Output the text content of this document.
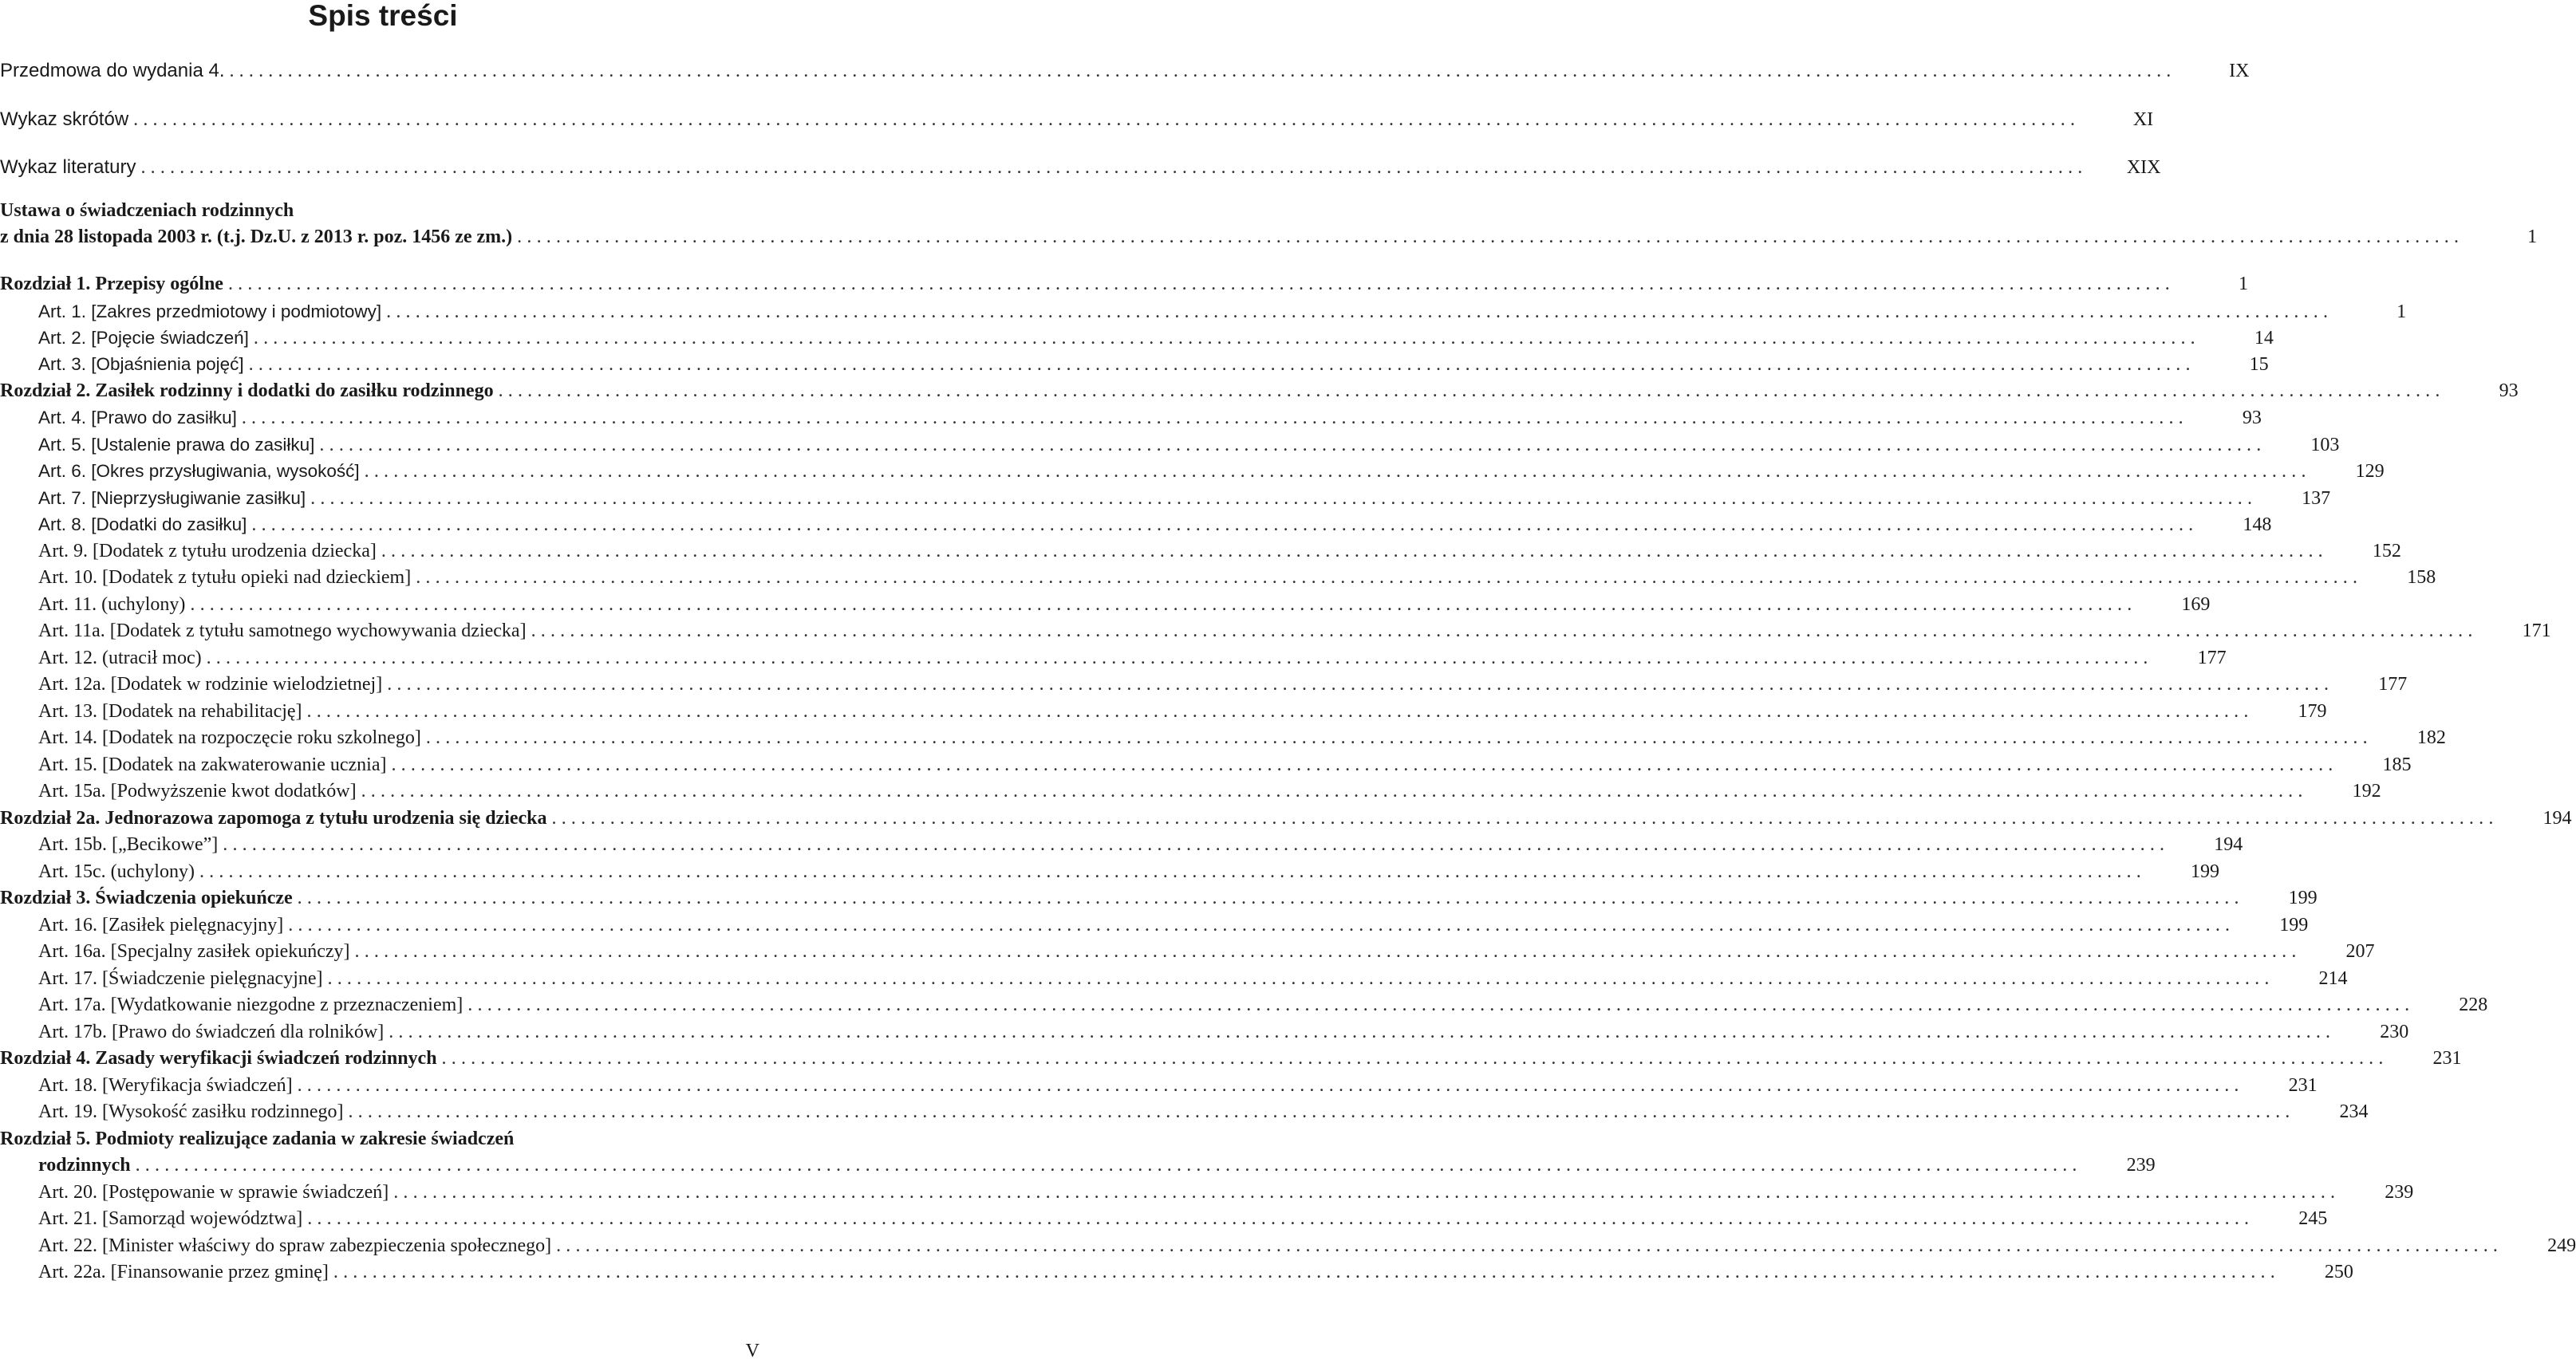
Spis treści
Przedmowa do wydania 4. ........................................................................................................................................................................................................	IX
Wykaz skrótów ........................................................................................................................................................................................................	XI
Wykaz literatury ........................................................................................................................................................................................................	XIX
Ustawa o świadczeniach rodzinnych
z dnia 28 listopada 2003 r. (t.j. Dz.U. z 2013 r. poz. 1456 ze zm.) ........................................................................................................................................................................................................	1
Rozdział 1. Przepisy ogólne ........................................................................................................................................................................................................	1
Art. 1. [Zakres przedmiotowy i podmiotowy] ........................................................................................................................................................................................................	1
Art. 2. [Pojęcie świadczeń] ........................................................................................................................................................................................................	14
Art. 3. [Objaśnienia pojęć] ........................................................................................................................................................................................................	15
Rozdział 2. Zasiłek rodzinny i dodatki do zasiłku rodzinnego ........................................................................................................................................................................................................	93
Art. 4. [Prawo do zasiłku] ........................................................................................................................................................................................................	93
Art. 5. [Ustalenie prawa do zasiłku] ........................................................................................................................................................................................................	103
Art. 6. [Okres przysługiwania, wysokość] ........................................................................................................................................................................................................	129
Art. 7. [Nieprzysługiwanie zasiłku] ........................................................................................................................................................................................................	137
Art. 8. [Dodatki do zasiłku] ........................................................................................................................................................................................................	148
Art. 9. [Dodatek z tytułu urodzenia dziecka] ........................................................................................................................................................................................................	152
Art. 10. [Dodatek z tytułu opieki nad dzieckiem] ........................................................................................................................................................................................................	158
Art. 11. (uchylony) ........................................................................................................................................................................................................	169
Art. 11a. [Dodatek z tytułu samotnego wychowywania dziecka] ........................................................................................................................................................................................................	171
Art. 12. (utracił moc) ........................................................................................................................................................................................................	177
Art. 12a. [Dodatek w rodzinie wielodzietnej] ........................................................................................................................................................................................................	177
Art. 13. [Dodatek na rehabilitację] ........................................................................................................................................................................................................	179
Art. 14. [Dodatek na rozpoczęcie roku szkolnego] ........................................................................................................................................................................................................	182
Art. 15. [Dodatek na zakwaterowanie ucznia] ........................................................................................................................................................................................................	185
Art. 15a. [Podwyższenie kwot dodatków] ........................................................................................................................................................................................................	192
Rozdział 2a. Jednorazowa zapomoga z tytułu urodzenia się dziecka ........................................................................................................................................................................................................	194
Art. 15b. [„Becikowe”] ........................................................................................................................................................................................................	194
Art. 15c. (uchylony) ........................................................................................................................................................................................................	199
Rozdział 3. Świadczenia opiekuńcze ........................................................................................................................................................................................................	199
Art. 16. [Zasiłek pielęgnacyjny] ........................................................................................................................................................................................................	199
Art. 16a. [Specjalny zasiłek opiekuńczy] ........................................................................................................................................................................................................	207
Art. 17. [Świadczenie pielęgnacyjne] ........................................................................................................................................................................................................	214
Art. 17a. [Wydatkowanie niezgodne z przeznaczeniem] ........................................................................................................................................................................................................	228
Art. 17b. [Prawo do świadczeń dla rolników] ........................................................................................................................................................................................................	230
Rozdział 4. Zasady weryfikacji świadczeń rodzinnych ........................................................................................................................................................................................................	231
Art. 18. [Weryfikacja świadczeń] ........................................................................................................................................................................................................	231
Art. 19. [Wysokość zasiłku rodzinnego] ........................................................................................................................................................................................................	234
Rozdział 5. Podmioty realizujące zadania w zakresie świadczeń
rodzinnych ........................................................................................................................................................................................................	239
Art. 20. [Postępowanie w sprawie świadczeń] ........................................................................................................................................................................................................	239
Art. 21. [Samorząd województwa] ........................................................................................................................................................................................................	245
Art. 22. [Minister właściwy do spraw zabezpieczenia społecznego] ........................................................................................................................................................................................................	249
Art. 22a. [Finansowanie przez gminę] ........................................................................................................................................................................................................	250
V
